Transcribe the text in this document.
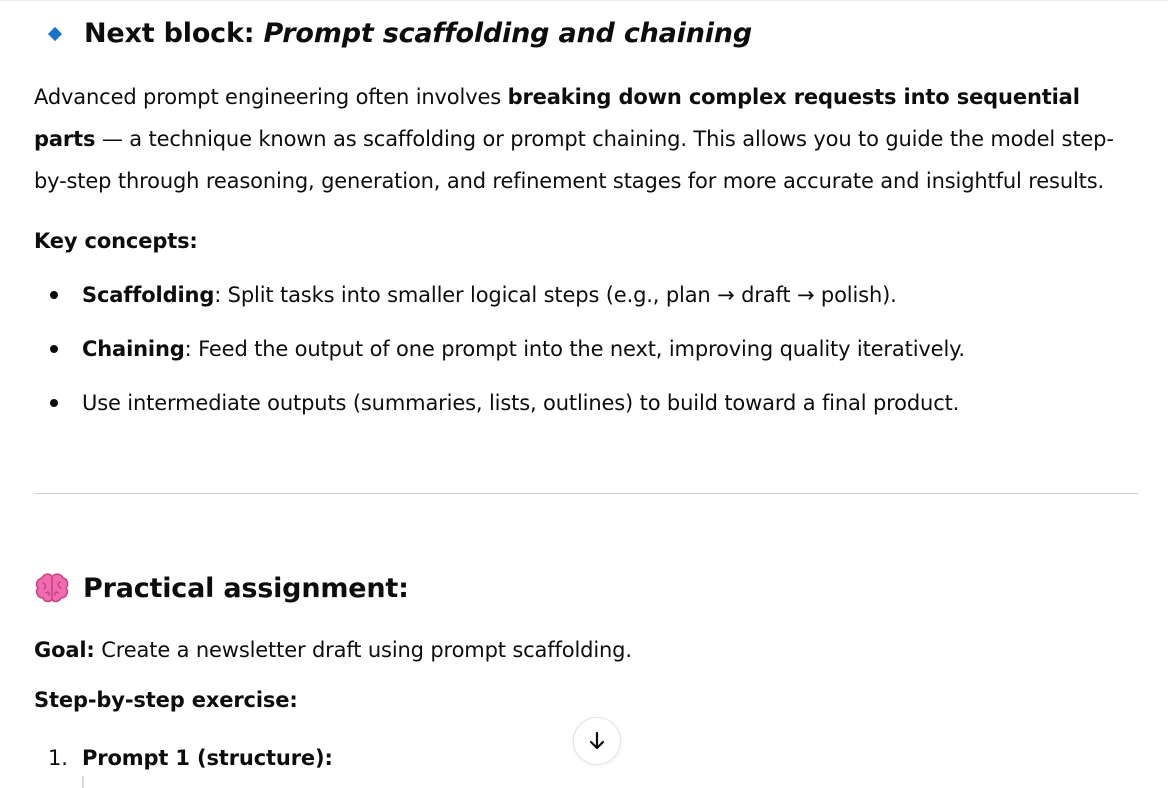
Next block: Prompt scaffolding and chaining
Advanced prompt engineering often involves breaking down complex requests into sequential parts — a technique known as scaffolding or prompt chaining. This allows you to guide the model step-by-step through reasoning, generation, and refinement stages for more accurate and insightful results.
Key concepts:
Scaffolding: Split tasks into smaller logical steps (e.g., plan → draft → polish).
Chaining: Feed the output of one prompt into the next, improving quality iteratively.
Use intermediate outputs (summaries, lists, outlines) to build toward a final product.
Practical assignment:
Goal: Create a newsletter draft using prompt scaffolding.
Step-by-step exercise:
1. Prompt 1 (structure):
